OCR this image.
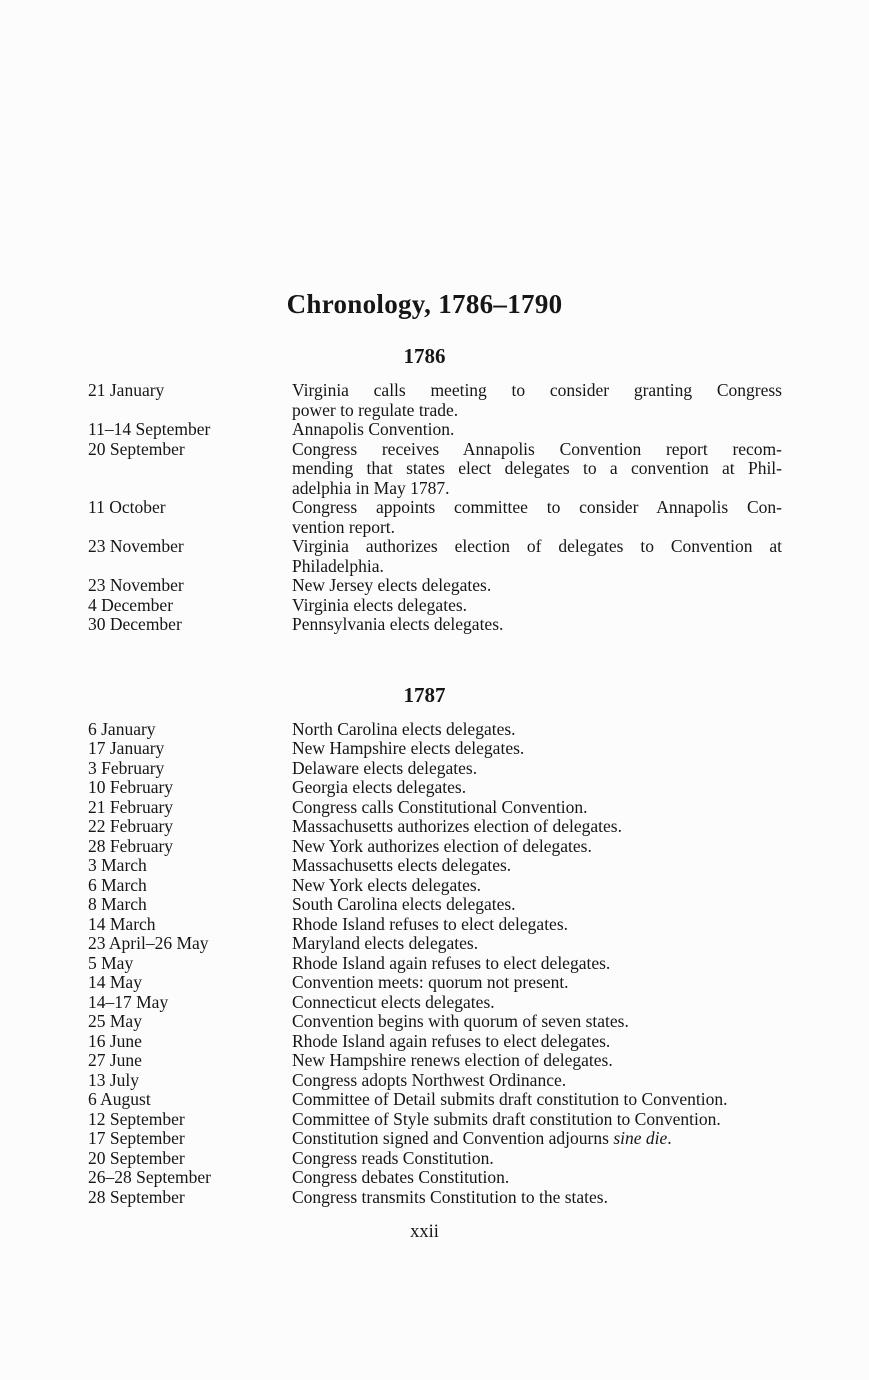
Chronology, 1786–1790
1786
21 January	Virginia calls meeting to consider granting Congress
power to regulate trade.
11–14 September	Annapolis Convention.
20 September	Congress receives Annapolis Convention report recom-
mending that states elect delegates to a convention at Phil-
adelphia in May 1787.
11 October	Congress appoints committee to consider Annapolis Con-
vention report.
23 November	Virginia authorizes election of delegates to Convention at
Philadelphia.
23 November	New Jersey elects delegates.
4 December	Virginia elects delegates.
30 December	Pennsylvania elects delegates.
1787
6 January	North Carolina elects delegates.
17 January	New Hampshire elects delegates.
3 February	Delaware elects delegates.
10 February	Georgia elects delegates.
21 February	Congress calls Constitutional Convention.
22 February	Massachusetts authorizes election of delegates.
28 February	New York authorizes election of delegates.
3 March	Massachusetts elects delegates.
6 March	New York elects delegates.
8 March	South Carolina elects delegates.
14 March	Rhode Island refuses to elect delegates.
23 April–26 May	Maryland elects delegates.
5 May	Rhode Island again refuses to elect delegates.
14 May	Convention meets: quorum not present.
14–17 May	Connecticut elects delegates.
25 May	Convention begins with quorum of seven states.
16 June	Rhode Island again refuses to elect delegates.
27 June	New Hampshire renews election of delegates.
13 July	Congress adopts Northwest Ordinance.
6 August	Committee of Detail submits draft constitution to Convention.
12 September	Committee of Style submits draft constitution to Convention.
17 September	Constitution signed and Convention adjourns sine die.
20 September	Congress reads Constitution.
26–28 September	Congress debates Constitution.
28 September	Congress transmits Constitution to the states.
xxii
